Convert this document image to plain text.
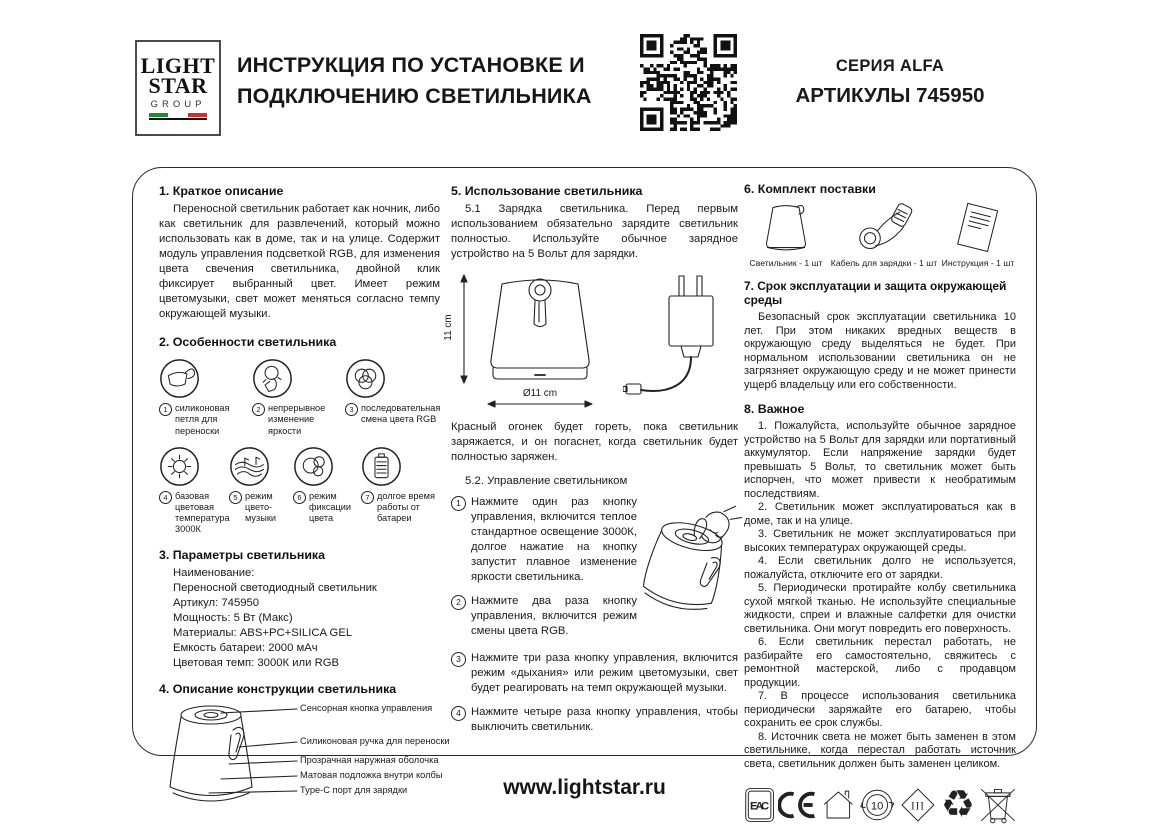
LIGHT
STAR
GROUP
ИНСТРУКЦИЯ ПО УСТАНОВКЕ И
ПОДКЛЮЧЕНИЮ СВЕТИЛЬНИКА
СЕРИЯ ALFA
АРТИКУЛЫ 745950
1. Краткое описание

Переносной светильник работает как ночник, либо как светильник для развлечений, который можно использовать как в доме, так и на улице. Содержит модуль управления подсветкой RGB, для изменения цвета свечения светильника, двойной клик фиксирует выбранный цвет. Имеет режим цветомузыки, свет может меняться согласно темпу окружающей музыки.

2. Особенности светильника
1 силиконовая петля для переноски
2 непрерывное изменение яркости
3 последовательная смена цвета RGB
4 базовая цветовая температура 3000К
5 режим цвето- музыки
6 режим фиксации цвета
7 долгое время работы от батареи
3. Параметры светильника

Наименование:

Переносной светодиодный светильник

Артикул: 745950

Мощность: 5 Вт (Макс)

Материалы: ABS+PC+SILICA GEL

Емкость батареи: 2000 мАч

Цветовая темп: 3000К или RGB

4. Описание конструкции светильника
Сенсорная кнопка управления
Силиконовая ручка для переноски
Прозрачная наружная оболочка
Матовая подложка внутри колбы
Type-C порт для зарядки
5. Использование светильника

5.1 Зарядка светильника. Перед первым использованием обязательно зарядите светильник полностью. Используйте обычное зарядное устройство на 5 Вольт для зарядки.

11 cm
Ø11 cm

Красный огонек будет гореть, пока светильник заряжается, и он погаснет, когда светильник будет полностью заряжен.

5.2. Управление светильником
1 Нажмите один раз кнопку управления, включится теплое стандартное освещение 3000К, долгое нажатие на кнопку запустит плавное изменение яркости светильника.

2 Нажмите два раза кнопку управления, включится режим смены цвета RGB.

3 Нажмите три раза кнопку управления, включится режим «дыхания» или режим цветомузыки, свет будет реагировать на темп окружающей музыки.

4 Нажмите четыре раза кнопку управления, чтобы выключить светильник.

6. Комплект поставки
Светильник - 1 шт Кабель для зарядки - 1 шт Инструкция - 1 шт
7. Срок эксплуатации и защита окружающей среды

Безопасный срок эксплуатации светильника 10 лет. При этом никаких вредных веществ в окружающую среду выделяться не будет. При нормальном использовании светильника он не загрязняет окружающую среду и не может принести ущерб владельцу или его собственности.

8. Важное

1. Пожалуйста, используйте обычное зарядное устройство на 5 Вольт для зарядки или портативный аккумулятор. Если напряжение зарядки будет превышать 5 Вольт, то светильник может быть испорчен, что может привести к необратимым последствиям.

2. Светильник может эксплуатироваться как в доме, так и на улице.

3. Светильник не может эксплуатироваться при высоких температурах окружающей среды.

4. Если светильник долго не используется, пожалуйста, отключите его от зарядки.

5. Периодически протирайте колбу светильника сухой мягкой тканью. Не используйте специальные жидкости, спреи и влажные салфетки для очистки светильника. Они могут повредить его поверхность.

6. Если светильник перестал работать, не разбирайте его самостоятельно, свяжитесь с ремонтной мастерской, либо с продавцом продукции.

7. В процессе использования светильника периодически заряжайте его батарею, чтобы сохранить ее срок службы.

8. Источник света не может быть заменен в этом светильнике, когда перестал работать источник света, светильник должен быть заменен целиком.

ЕАС	10 III ♻
www.lightstar.ru
